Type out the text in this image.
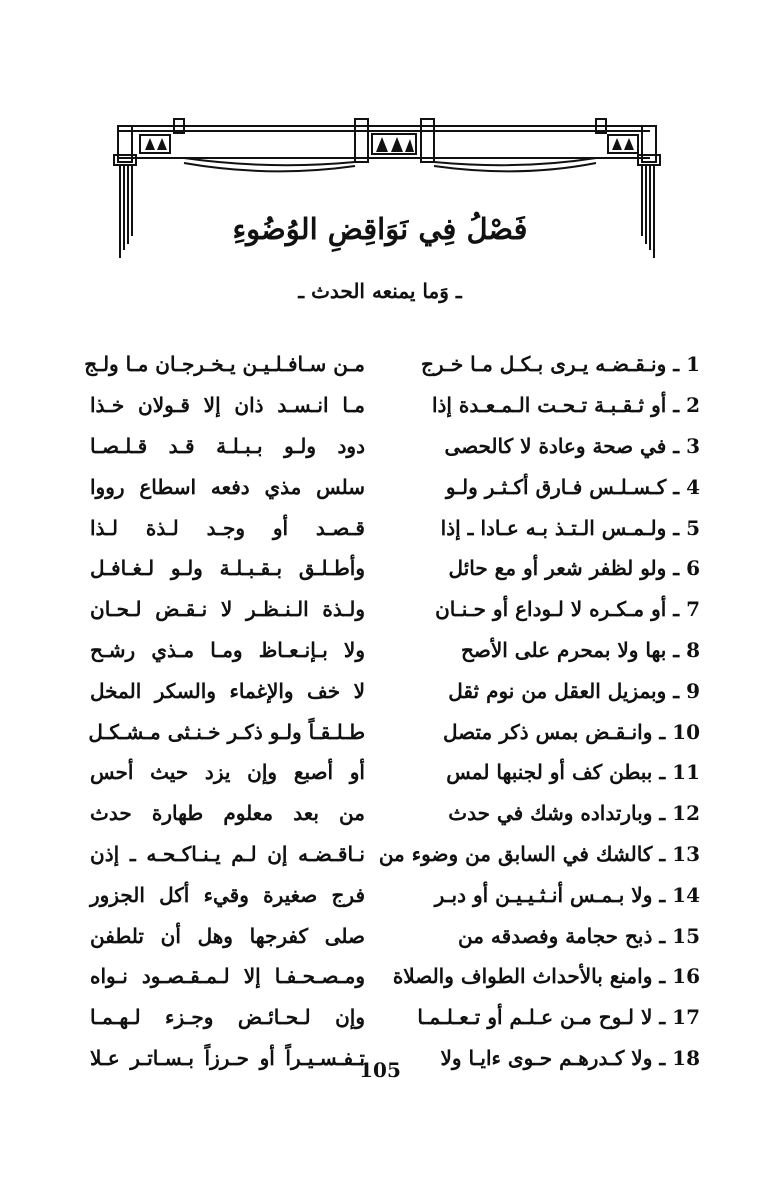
فَصْلُ فِي نَوَاقِضِ الوُضُوءِ
ـ وَما يمنعه الحدث ـ
1 ـ ونـقـضـه يـرى بـكـل مـا خـرج
مـن سـافـلـيـن يـخـرجـان مـا ولـج
2 ـ أو ثـقـبـة تـحـت الـمـعـدة إذا
مـا انـسـد ذان إلا قـولان خـذا
3 ـ في صحة وعادة لا كالحصى
دود ولـو بـبـلـة قـد قـلـصـا
4 ـ كـسـلـس فـارق أكـثـر ولـو
سلس مذي دفعه اسطاع رووا
5 ـ ولـمـس الـتـذ بـه عـادا ـ إذا
قـصـد أو وجـد لـذة لـذا
6 ـ ولو لظفر شعر أو مع حائل
وأطـلـق بـقـبـلـة ولـو لـغـافـل
7 ـ أو مـكـره لا لـوداع أو حـنـان
ولـذة الـنـظـر لا نـقـض لـحـان
8 ـ بها ولا بمحرم على الأصح
ولا بـإنـعـاظ ومـا مـذي رشـح
9 ـ وبمزيل العقل من نوم ثقل
لا خف والإغماء والسكر المخل
10 ـ وانـقـض بمس ذكر متصل
طـلـقـاً ولـو ذكـر خـنـثى مـشـكـل
11 ـ ببطن كف أو لجنبها لمس
أو أصبع وإن يزد حيث أحس
12 ـ وبارتداده وشك في حدث
من بعد معلوم طهارة حدث
13 ـ كالشك في السابق من وضوء من
نـاقـضـه إن لـم يـنـاكـحـه ـ إذن
14 ـ ولا بـمـس أنـثـيـيـن أو دبـر
فرج صغيرة وقيء أكل الجزور
15 ـ ذبح حجامة وفصدقه من
صلى كفرجها وهل أن تلطفن
16 ـ وامنع بالأحداث الطواف والصلاة
ومـصـحـفـا إلا لـمـقـصـود نـواه
17 ـ لا لـوح مـن عـلـم أو تـعـلـمـا
وإن لـحـائـض وجـزء لـهـمـا
18 ـ ولا كـدرهـم حـوى ءايـا ولا
تـفـسـيـراً أو حـرزاً بـسـاتـر عـلا
105
